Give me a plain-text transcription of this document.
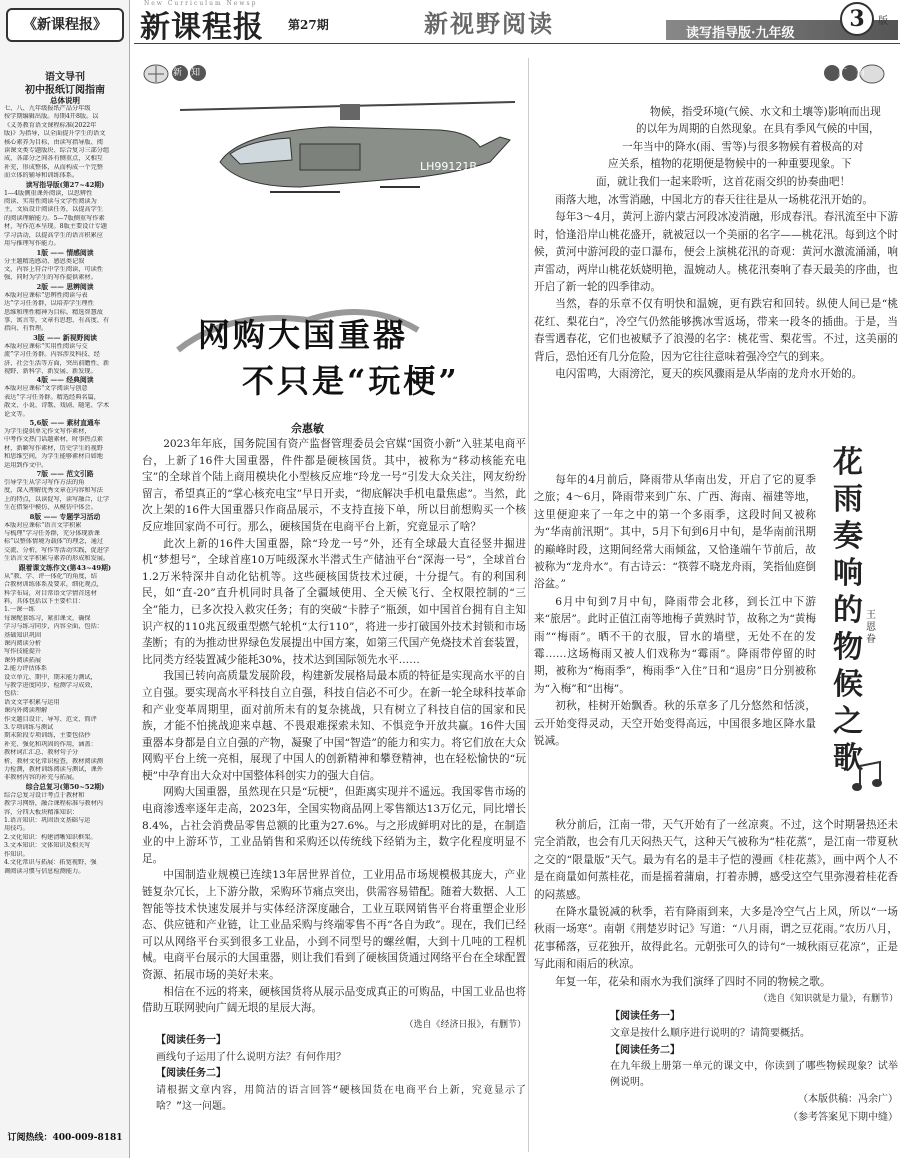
《新课程报》
语文导刊
初中报纸订阅指南
总体说明
七、八、九年级报纸产品分年级
按学期编辑出版。每期4开8版。以
《义务教育语文课程标准(2022年
版)》为指导，以全面提升学生的语文
核心素养为目标，由读写指导版、阅
读课文类专题版块、综合复习三部分组
成，各部分之间各有侧重点，又相互
补充，形成整体，从而构成一个完整
而立体的辅导和训练体系。
读写指导版(第27~42期)
1—4版侧重课外阅读，以思辨性
阅读、实用性阅读与文学性阅读为
主，文质设计阅读任务，以提高学生
的阅读理解能力。5—7版侧重写作素
材，写作范本呈现。8版主要设计专题
学习活动，以提高学生的语言积累应
用与推理写作能力。
1版 —— 情感阅读
分主题精选感动、感恩类记叙
文，内容上符合中学生阅读，可读性
强，同时为学生的写作提供素材。
2版 —— 思辨阅读
本版对应课标“思辨性阅读与表
达”学习任务群，以培养学生理性
思维和理性精神为目标。精选智慧故
事，寓言等，文章有思想、有高度、有
指向、有哲理。
3版 —— 新视野阅读
本版对应课标“实用性阅读与交
流”学习任务群。内容涉及科技、经
济、社会生活等方面，突出前瞻性、新
视野、新科学、新发展、新发现。
4版 —— 经典阅读
本版对应课标“文学阅读与创意
表达”学习任务群。精选经典名篇，
散文、小说、诗歌、戏剧、随笔、学术
论文等。
5,6版 —— 素材直通车
为学生提供单元作文写作素材，
中考作文热门话题素材，时事热点素
材，新颖写作素材，历史学生的视野
和思维空间，为学生能够素材自如地
运用到作文中。
7版 —— 范文引路
引导学生从学习写作方法的角
度，深入理解优秀文章在内容和写法
上的特点，以读促写，读写融合，让学
生在借鉴中模仿，从模仿中体会。
8版 —— 专题学习活动
本版对应课标“语言文字积累
与梳理”学习任务群，充分体现新课
标“以整体情境为载体”的理念，通过
交流、分析，写作等活动实践，促进学
生语言文字积累与素养的形成和发展。
跟着课文练作文(第43~49期)
从“教、学、评一体化”的角度，结
合教材训练体系及要求，细化观点，
科学布局，对目常语文学情首选材
料，具体包括以下主要栏目：
1.一课一练
每课配套练习，紧扣课文，确保
学习与练习同步，内容全面，包括：
基础知识巩固
课内阅读分析
写作技能提升
课外阅读拓展
2.能力评估体系
设立单元、期中、期末能力测试，
与教学进度同步，检测学习成效，
包括：
语文文字积累与运用
课内外阅读理解
作文题目设计、导写、范文、简评
3.专项训练与测试
期末阶段专项训练，主要包括抄
补充、强化和巩固的作用，涵盖：
教材词汇汇总、教材句子分
析，教材文化常识检查，教材阅读测
力检测，教材训练阅读与测试，课外
非教材内容的补充与拓展。
综合总复习(第50~52期)
综合总复习设计考点于教材和
教学习网络，融合课程标准与教材内
容，分四大板块精准知识：
1.语言知识：巩固语文基础与运
用技巧。
2.文化知识：构建清晰知识框架。
3.文本知识：文体知识及相关写
作知识。
4.文化常识与拓展：拓宽视野，强
调阅读习惯与信息检测能力。
订阅热线：400-009-8181
New Curriculum Newsp
新课程报 第27期	新视野阅读	读写指导版·九年级
3	版
新知
LH99121B
网购大国重器
不只是“玩梗”
佘惠敏

2023年年底，国务院国有资产监督管理委员会官媒“国资小新”入驻某电商平台，上新了16件大国重器，件件都是硬核国货。其中，被称为“移动核能充电宝”的全球首个陆上商用模块化小型核反应堆“玲龙一号”引发大众关注，网友纷纷留言，希望真正的“掌心核充电宝”早日开卖，“彻底解决手机电量焦虑”。当然，此次上架的16件大国重器只作商品展示，不支持直接下单，所以目前想购买一个核反应堆回家尚不可行。那么，硬核国货在电商平台上新，究竟显示了啥？

此次上新的16件大国重器，除“玲龙一号”外，还有全球最大直径竖井掘进机“梦想号”，全球首座10万吨级深水半潜式生产储油平台“深海一号”，全球首台1.2万米特深井自动化钻机等。这些硬核国货技术过硬，十分提气。有的利国利民，如“直-20”直升机同时具备了全疆域使用、全天候飞行、全权限控制的“三全”能力，已多次投入救灾任务；有的突破“卡脖子”瓶颈，如中国首台拥有自主知识产权的110兆瓦级重型燃气轮机“太行110”，将进一步打破国外技术封锁和市场垄断；有的为推动世界绿色发展提出中国方案，如第三代国产免烧技术首套装置，比同类方经装置减少能耗30%，技术达到国际领先水平……

我国已转向高质量发展阶段，构建新发展格局最本质的特征是实现高水平的自立自强。要实现高水平科技自立自强，科技自信必不可少。在新一轮全球科技革命和产业变革周期里，面对前所未有的复杂挑战，只有树立了科技自信的国家和民族，才能不怕挑战迎来卓越、不畏艰难探索未知、不惧竞争开放共赢。16件大国重器本身都是自立自强的产物，凝聚了中国“智造”的能力和实力。将它们放在大众网购平台上统一亮相，展现了中国人的创新精神和攀登精神，也在轻松愉快的“玩梗”中孕育出大众对中国整体科创实力的强大自信。

网购大国重器，虽然现在只是“玩梗”，但距离实现并不遥远。我国零售市场的电商渗透率逐年走高，2023年，全国实物商品网上零售额达13万亿元，同比增长8.4%，占社会消费品零售总额的比重为27.6%。与之形成鲜明对比的是，在制造业的中上游环节，工业品销售和采购还以传统线下经销为主，数字化程度明显不足。

中国制造业规模已连续13年居世界首位，工业用品市场规模极其庞大，产业链复杂冗长，上下游分散，采购环节痛点突出，供需容易错配。随着大数据、人工智能等技术快速发展并与实体经济深度融合，工业互联网销售平台将重塑企业形态、供应链和产业链，让工业品采购与终端零售不再“各自为政”。现在，我们已经可以从网络平台买到很多工业品，小到不同型号的螺丝帽，大到十几吨的工程机械。电商平台展示的大国重器，则让我们看到了硬核国货通过网络平台在全球配置资源、拓展市场的美好未来。

相信在不远的将来，硬核国货将从展示品变成真正的可购品，中国工业品也将借助互联网驶向广阔无垠的星辰大海。

（选自《经济日报》，有删节）
【阅读任务一】
画线句子运用了什么说明方法？有何作用？
【阅读任务二】
请根据文章内容，用简洁的语言回答“硬核国货在电商平台上新，究竟显示了啥？”这一问题。
广角
物候，指受环境(气候、水文和土壤等)影响而出现
的以年为周期的自然现象。在具有季风气候的中国，
一年当中的降水(雨、雪等)与很多物候有着极高的对
应关系，植物的花期便是物候中的一种重要现象。下
面，就让我们一起来聆听，这首花雨交织的协奏曲吧！

雨落大地，冰雪消融，中国北方的春天往往是从一场桃花汛开始的。

每年3～4月，黄河上游内蒙古河段冰凌消融，形成春汛。春汛流至中下游时，恰逢沿岸山桃花盛开，就被冠以一个美丽的名字——桃花汛。每到这个时候，黄河中游河段的壶口瀑布，便会上演桃花汛的奇观：黄河水激流涌涌，响声雷动，两岸山桃花妖娆明艳，温婉动人。桃花汛奏响了春天最美的序曲，也开启了新一轮的四季律动。

当然，春的乐章不仅有明快和温婉，更有跌宕和回转。纵使人间已是“桃花红、梨花白”，冷空气仍然能够携冰雪返场，带来一段冬的插曲。于是，当春雪遇春花，它们也被赋予了浪漫的名字：桃花雪、梨花雪。不过，这美丽的背后，恐怕还有几分危险，因为它往往意味着强冷空气的到来。

电闪雷鸣，大雨滂沱，夏天的疾风骤雨是从华南的龙舟水开始的。

每年的4月前后，降雨带从华南出发，开启了它的夏季之旅；4～6月，降雨带来到广东、广西、海南、福建等地，这里便迎来了一年之中的第一个多雨季，这段时间又被称为“华南前汛期”。其中，5月下旬到6月中旬，是华南前汛期的巅峰时段，这期间经常大雨倾盆，又恰逢端午节前后，故被称为“龙舟水”。有古诗云：“筷蓉不晓龙舟雨，笑指仙庭倒浴盆。”

6月中旬到7月中旬，降雨带会北移，到长江中下游来“旅居”。此时正值江南等地梅子黄熟时节，故称之为“黄梅雨”“梅雨”。晒不干的衣服，冒水的墙壁，无处不在的发霉……这场梅雨又被人们戏称为“霉雨”。降雨带停留的时期，被称为“梅雨季”，梅雨季“入住”日和“退房”日分别被称为“入梅”和“出梅”。

初秋，桂树开始飘香。秋的乐章多了几分悠然和恬淡，云开始变得灵动，天空开始变得高远，中国很多地区降水量锐减。

花雨奏响的物候之歌
王恩眷

秋分前后，江南一带，天气开始有了一丝凉爽。不过，这个时期暑热还未完全消散，也会有几天闷热天气，这种天气被称为“桂花蒸”，是江南一带夏秋之交的“限量版”天气。最为有名的是丰子恺的漫画《桂花蒸》，画中两个人不是在商量如何蒸桂花，而是摇着蒲扇，打着赤膊，感受这空气里弥漫着桂花香的闷蒸感。

在降水量锐减的秋季，若有降雨到来，大多是冷空气占上风，所以“一场秋雨一场寒”。南朝《荆楚岁时记》写道：“八月雨，谓之豆花雨。”农历八月，花事稀落，豆花独开，故得此名。元朝张可久的诗句“一城秋雨豆花凉”，正是写此雨和雨后的秋凉。

年复一年，花朵和雨水为我们演绎了四时不同的物候之歌。

（选自《知识就是力量》，有删节）
【阅读任务一】
文章是按什么顺序进行说明的？请简要概括。
【阅读任务二】
在九年级上册第一单元的课文中，你读到了哪些物候现象？试举例说明。
（本版供稿：冯余广）
（参考答案见下期中缝）
